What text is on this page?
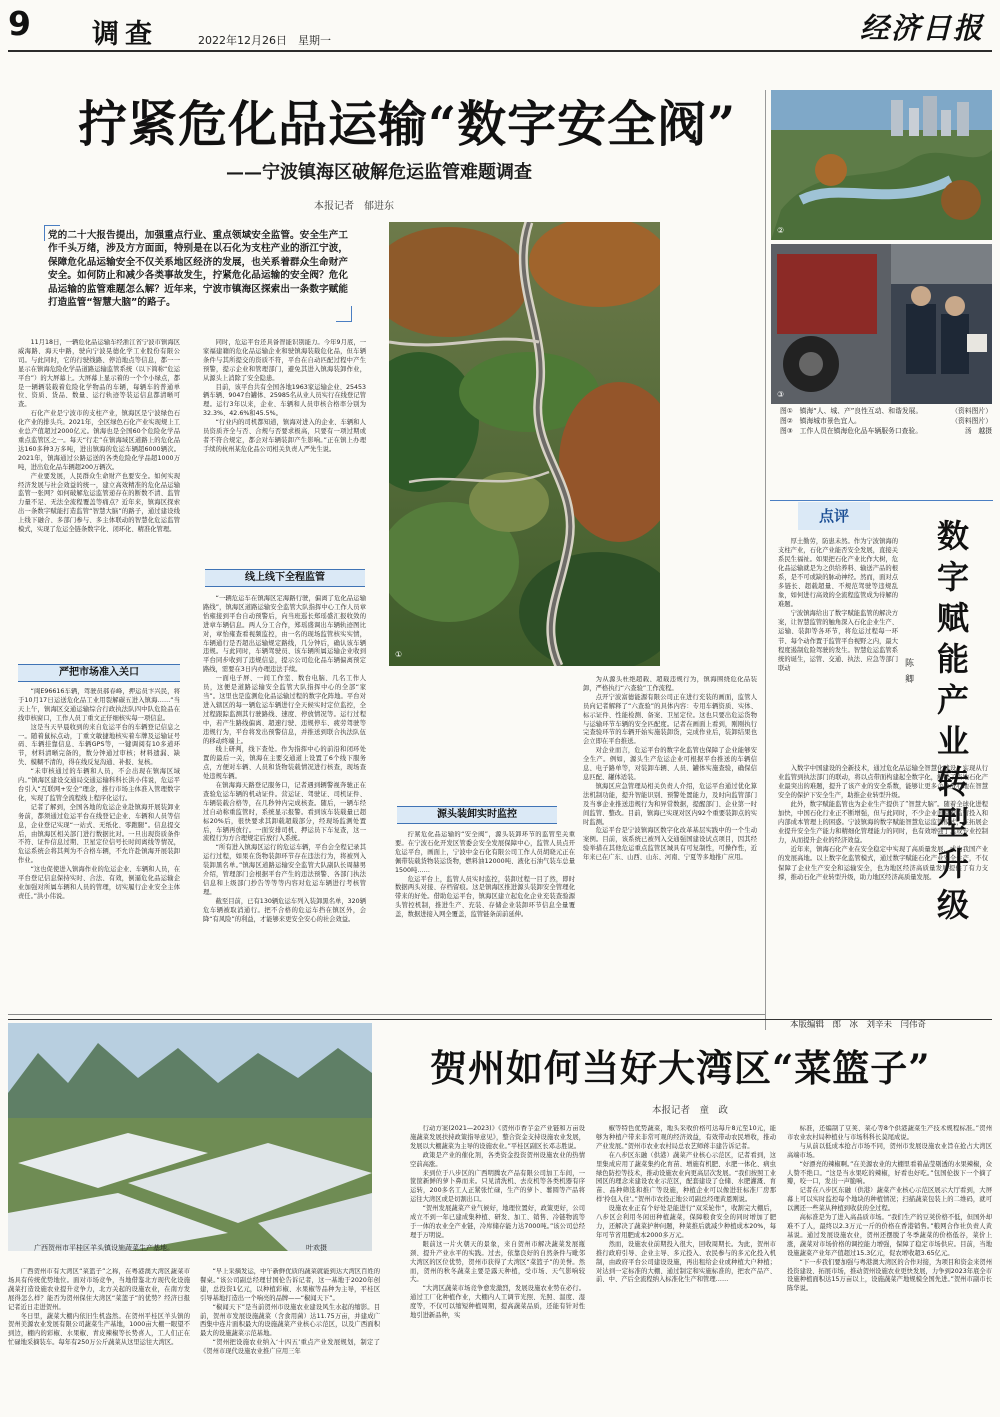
9 调查	2022年12月26日　星期一	经济日报
拧紧危化品运输“数字安全阀”
——宁波镇海区破解危运监管难题调查
本报记者　郁进东
党的二十大报告提出，加强重点行业、重点领域安全监管。安全生产工作千头万绪，涉及方方面面，特别是在以石化为支柱产业的浙江宁波，保障危化品运输安全不仅关系地区经济的发展，也关系着群众生命财产安全。如何防止和减少各类事故发生，拧紧危化品运输的安全阀？危化品运输的监管难题怎么解？近年来，宁波市镇海区探索出一条数字赋能打造监管“智慧大脑”的路子。

11月18日，一辆危化品运输车经浙江省宁波市镇海区威海路、海天中路，驶向宁波晃德化学工业股份有限公司。与此同时，它的行驶线路、停泊地点等信息，都一一显示在镇海危险化学品道路运输监管系统（以下简称“危运平台”）的大屏幕上。大屏幕上显示着的一个个小绿点，都是一辆辆装载着危险化学物品的车辆，每辆车的普通单位、资质、货品、数量、运行轨迹等装运信息都清晰可查。

石化产业是宁波市的支柱产业，镇海区是宁波绿色石化产业的排头兵。2021年，全区绿色石化产业实现规上工业总产值超过2000亿元。镇海也是全国60个危险化学品重点监管区之一。每天“行走”在镇海域区道路上的危化品达160多种3万多吨，进出镇海的危运车辆超6000辆次。2021年，镇海通过公路运送的各类危险化学品超1000万吨，进出危化品车辆超200万辆次。

产业要发展，人民群众生命财产也要安全。如何实现经济发展与社会效益的统一，建立高效精准的危化品运输监管一张网？如何破解危运监管递存在的断数不清、监管力量不足、无法全流程覆盖等痛点？近年来，镇海区探索出一条数字赋能打造监管“智慧大脑”的路子，通过建设线上线下融合、多部门参与、多主体联动的智慧化危运监管模式，实现了危运全链条数字化、闭环化、精准化管理。

严把市场准入关口

“闽E96616车辆，驾驶员郝春峰，押运员卞兴民，将于10月17日运送危化品工业用裂解碳五进入镇海……”当天上午，镇海区交通运输综合行政执法队四中队危险品在线审核窗口，工作人员丁重文正仔细核实每一项信息。

这是当天早晨收到的来自危运平台的车辆登记信息之一。随着鼠标点动，丁重文敏捷地核实着车牌及运输证号码、车辆挂靠信息、车辆GPS等，一键调阅有10多道环节，材料清晰完备的，数分钟通过审核；材料遗漏、缺失、模糊不清的，得在线反复沟通、补报、复核。

“未审核通过的车辆和人员，不会出现在镇海区域内。”镇海区建设交通局交通运输科科长洪小伟说，危运平台引入“互联网+安全”理念，推行市场主体准入管理数字化，实现了监管全流程线上程序化运行。

记者了解到，全国各地的危运企业赴镇海开展装卸业务前，都须通过危运平台在线登记企业、车辆和人员等信息，企业登记实现“一站式、无纸化、零跑腿”。信息提交后，由镇海区相关部门进行数据比对。一旦出现资质条件不符、证件信息过期、卫星定位信号长时间离线等情况，危运系统会将其判为不合格车辆，不允许赴镇海开展装卸作业。

“这也促使进入镇海作业的危运企业、车辆和人员，在平台登记信息保持实时、合法、有效，倒逼危化品运输企业加强对所属车辆和人员的管理，切实履行企业安全主体责任。”洪小伟说。

同时，危运平台还具备智能识别能力。今年9月底，一家福建籍的危化品运输企业和驶镇海装载危化品，但车辆条件与其所提交的资质不符，平台在自动匹配过程中产生预警，提示企业和管理部门，避免其进入镇海装卸作业，从源头上消除了安全隐患。

目前，该平台共有全国各地1963家运输企业、25453辆车辆、9047台罐体、25985名从业人员实行在线登记管理。运行3年以来，企业、车辆和人员审核合格率分别为32.3%、42.6%和45.5%。

“行业内的司机都知道，镇海对进入的企业、车辆和人员资质齐全与否、合规与否要求极高，只要有一项过期或者不符合规定，都会对车辆装卸产生影响。”正在镇上办理手续的杭州某危化品公司相关负责人严先生说。

线上线下全程监管

“一辆危运车在镇海区定海路行驶，偏离了危化品运输路线”，镇海区道路运输安全监管大队指挥中心工作人员章怡雍接到平台自动预警后，向当班巡长郑瑶盛汇报收敛的进章车辆信息。两人分工合作，郑瑶盛调出车辆轨迹图比对，章怡雍查看视频监控，由一名的现场监管核实实情，车辆通行是否超出运输规定路线，几分钟后，确认该车辆违规。与此同时，车辆驾驶员、该车辆所属运输企业收到平台同步收到了违规信息，提示公司危化品车辆偏离预定路线，需要在3日内办理违法手续。

一面电子屏、一间工作室、数台电脑、几名工作人员，这便是道路运输安全监管大队指挥中心的全部“家当”。这里也是监测危化品运输过程的数字化阵地。平台对进入辖区的每一辆危运车辆进行全天候实时定位监控，全过程跟踪监测其行驶路线、速度、停放情况等。运行过程中，若产生路线偏离、超速行驶、违规停车、疲劳驾驶等违规行为，平台将发出预警信息，并推送到联合执法队伍的移动终端上。

线上研判，线下查处。作为指挥中心的前沿和闭环处置的最后一关，镇海在主要交通道上设置了6个线下服务点，方便对车辆、人员和货物装载情况进行核查，现场查处违规车辆。

在镇海海天路登记服务口，记者遇到辆警视奔驰正在查验危运车辆的机动证件。营运证、驾驶证、司机证件、车辆装载合格等，在几秒钟内完成核查。随后，一辆车经过自动称重监管时，系统显示报警。看到该车装载量已超标20%后，很快要求其卸载超载部分，经现场监测处置后，车辆再放行。一面安排司机、押运员下车复查，这一流程行为方合理规定后放行入系统。

“所有进入镇海区运行的危运车辆，平台会全程记录其运行过程，如果在货物装卸环节存在违法行为，将被列入装卸黑名单。”镇海区道路运输安全监管大队副队长周赫男介绍，管理部门会根据平台产生的违法预警、各部门执法信息和上级部门抄告等等等内容对危运车辆进行考核管理。

截至目前，已有130辆危运车列入装卸黑名单，320辆危车辆被取消通行。把不合格的危运车挡在镇区外，会降“有风险”的利益，才能够来更安全安心的社会效益。

①
源头装卸实时监控

拧紧危化品运输的“安全阀”，源头装卸环节的监管至关重要。在宁波石化开发区管委会安全发展保障中心，监管人员点开危运平台，画面上，宁波中金石化有限公司工作人员胡晓元正在佩带装载货物装运货物，燃料油12000吨、液化石油气装车总量1500吨……

危运平台上，监管人员实时监控，装卸过程一目了然，即时数据两头对接、存档留痕。这是镇海区推进源头装卸安全管理化带来的好处。借助危运平台，镇海区建立起危化企业充装查验源头管控机制，推进生产、充装、存储企业装卸环节信息全量覆盖，数据进接入网全覆盖，监管链条前前延伸。

为从源头杜绝超载、超载违规行为，镇海围绕危化品装卸，严格执行“六查验”工作流程。

点开宁波富德能源有限公司正在进行充装的画面，监管人员向记者解释了“六查验”的具体内容：专用车辆资质、实体、标示证件、性能检测、备案、卫星定位。这也只要出危运货物与运输环节车辆的安全匹配度。记者在画面上看到，刚刚执行完查验环节的车辆开始实施装卸货，完成作业后，装卸结果也会立即在平台推送。

对企业而言，危运平台的数字化监管也保障了企业能够安全生产。例如，源头生产危运企业可根据平台推送的车辆信息、电子路单等，对装卸车辆、人员、罐体实施查验，确保信息匹配、罐体适装。

镇海区应急管理局相关负责人介绍，危运平台通过优化算法机制功能，提升智能识别、预警处置能力，及时向监管部门及当事企业推送违规行为和异常数据，提醒部门、企业第一时间监管、整改。目前，镇海已实现对区内92个重要装卸点的实时监测。

危运平台是宁波镇海区数字化改革基层实践中的一个生动案例。目前，该系统已被列入交通强国建设试点项目，因其经验举措在其他危运重点监管区城具有可复制性，可操作性，近年来已在广东、山西、山东、河南、宁夏等多地推广应用。

②
③
图①　镇海“人、城、产”良性互动、和谐发展。	（资料图片）
图②　镇海城市景色宜人。	（资料图片）
图③　工作人员在镇海危化品车辆服务口查验。	汤　越摄
点评
数字赋能产业转型升级
陈　卿

厚土勤劳，防患未然。作为宁波镇海的支柱产业，石化产业能否安全发展，直接关系民生福祉。如果把石化产业比作大树，危化品运输就是为之供给养料、输送产品的根系，是不可或缺的脉动神经。然而，面对点多链长、超载超量、不规范驾驶等违规乱象，如何进行高效的全流程监管成为待解的难题。

宁波镇海给出了数字赋能监管的解决方案，让智慧监管的触角深入石化企业生产、运输、装卸等各环节，将危运过程每一环节、每个动作置于监管平台视野之内，最大程度遏制危险驾驶的发生。智慧危运监管系统的诞生，运管、交通、执法、应急等部门联动

入数字中国建设的全新技术，通过危化品运输全智慧化建设，实现从行业监管到执法部门的联动，将以点带面构建起全数字化，解决了当地石化产业最突出的难题，提升了该产业的安全系数，能够让更多企业放心地在智慧安全的保护下安全生产，助推企业转型升级。

此外，数字赋能监管也为企业生产提供了“智慧大脑”。随着全球化进程加快，中国石化行业正不断增强，但与此同时，不少企业面临着监管投入和内部成本管理上的困惑。宁波镇海的数字赋能智慧危运监管模式，在拓展企业提升安全生产能力和精细化管理能力的同时，也有效增强了其或专业控制力，从而提升企业的经济效益。

近年来，镇海石化产业在安全稳定中实现了高质量发展，成为我国产业的发展高地。以上数字化监管模式，通过数字赋能石化产业安全生产，不仅保障了企业生产安全和运输安全，也为地区经济高质量发展提供了有力支撑，推动石化产业转型升级，助力地区经济高质量发展。

本版编辑　郎　冰　刘辛未　闫伟奇
广西贺州市平桂区羊头镇设施蔬菜生产基地。	叶欢摄
贺州如何当好大湾区“菜篮子”
本报记者　童　政

广西贺州市有大湾区“菜篮子”之称，在粤港澳大湾区蔬菜市场具有传统优势地位。面对市场竞争，当地借鉴北方现代化设施蔬菜打造设施农业提升竞争力，北方关起的设施农业，在南方发展得怎么样？能否为贺州保住大湾区“菜篮子”的优势？经济日报记者近日走进贺州。

冬日里，蔬菜大棚内依旧生机盎然。在贺州平桂区羊头镇的贺州美源农业发展有限公司蔬菜生产基地，1000亩大棚一眼望不到边，棚内的彩椒、水果椒、青皮辣椒等长势喜人，工人们正在忙碌地采摘装车。每年有250万公斤蔬菜从这里运往大湾区。

“早上采摘发运，中午新鲜优质的蔬菜就能到达大湾区百姓的餐桌。”该公司副总经理甘国伦告诉记者，这一基地于2020年创建，总投资1亿元，以种植彩椒、水果椒等品种为主导，平桂区引导基地打造出一个响亮的品牌——“椒闻天下”。

“椒闻天下”是当前贺州市设施农业建设风生水起的缩影。目前，贺州市发展设施蔬菜（含食用菌）达11.75万亩，并建成广西集中连片面积最大的设施蔬菜产业核心示范区，以及广西面积最大的设施蔬菜示范基地。

“贺州把设施农业纳入‘十四五’重点产业发展规划，制定了《贺州市现代设施农业推广应用三年

行动方案(2021—2023)》《贺州市香芋金产业链和万亩设施蔬菜发展扶持政策指导意见》，整合资金支持设施农业发展，发展以大棚蔬菜为主导的设施农业。”平桂区副区长邓志胜说。

政策是产业的催化剂，各类资金投资贺州设施农业的热情空前高涨。

来到位于八步区的广西明腾农产品有限公司加工车间，一筐筐新鲜的萝卜鼻而来。只见清洗机、去皮机等各类机器有序运转，200多名工人正紧张忙碌，生产的萝卜、薯圆等产品将运往大湾区或是切割出口。

“贺州发展蔬菜产业气候好，地理位置好，政策更好，公司成立不到一年已建成集种植、研发、加工、销售、冷链物流等于一体的农业全产业链，冷库储存能力达7000吨。”该公司总经理于万明说。

眼前这一片火朝天的景象，来自贺州市解决蔬菜发展瓶颈、提升产业水平的实践。过去，依靠良好的自然条件与毗邻大湾区的区位优势，贺州市获得了大湾区“菜篮子”的美誉。然而，贺州的秋冬蔬菜主要是露天种植，受市场、天气影响较大。

“大湾区蔬菜市场竞争愈发激烈，发展设施农业势在必行。通过工厂化种植作业，大棚内人工调节光照、光照、温度、湿度等，不仅可以缩短种植周期，提高蔬菜品质，还能有针对性地引进新品种，实

椒等特色优势蔬菜，地头采收价格可达每斤8元至10元，能够为种植户带来非常可观的经济效益，有效带动农民增收，推动产业发展。”贺州市农业农村局总农艺师蒋丰建告诉记者。

在八步区东融（供港）蔬菜产业核心示范区，记者看到，这里集成应用了蔬菜集约化育苗、增施有机肥、水肥一体化、病虫绿色防控等技术，推动设施农业向更高层次发展。“我们按照工业园区的理念来建设农业示范区，配套建设了仓储、水肥灌溉、育苗、品种筛选和推广等设施，种植企业可以像进驻标准厂房那样‘拎包入住’。”贺州市农投正地公司副总经理黄恩刚说。

设施农业正有个好处是能进行“双采轮作”，收割完大棚后，八步区会利用冬闲田种植蔬菜，保障粮食安全的同时增加了肥力，还解决了蔬菜护种问题，种菜推后就减少种植成本20%，每年可节省用肥成本2000多万元。

然而，设施农业前期投入很大，回收周期长。为此，贺州市推行政府引导、企业主导、多元投入、农民参与的多元化投入机制，由政府平台公司建设设施，再出租给企业或种植大户种植；对达到一定标准的大棚、通过制定和实施标准的，把农产品产、前、中、产后全流程纳入标准化生产和管理……

标准，还编制了豆荚、菜心等8个供港蔬菜生产技术规程标准。”贺州市农业农村局种植业与市场科科长莫尾成说。

与从前以低成本抢占市场不同，贺州市发展设施农业旨在抢占大湾区高端市场。

“好漂亮的辣椒啊。”在美源农业的大棚里看着晶莹剔透的水果辣椒，众人赞不绝口。“这是当水果吃的辣椒，好看也好吃。”包国伦拔下一个摘了瓣，咬一口，发出一声脆响。

记者在八步区东融（供港）蔬菜产业核心示范区展示大厅看到，大屏幕上可以实时监控每个地块的种植情况；扫描蔬菜包装上的二维码，就可以溯还一些菜从种植到收获的全过程。

高标准是为了进入高品质市场。“我们生产的豆荚价格不低，但国外却难不了人，最终以2.3万元一斤的价格在香港销售。”粮网合作社负责人黄基说。通过发展设施农业，贺州还摆脱了冬季蔬菜的价格低谷，菜价上涨，蔬菜对市场价格的调控能力增强，保障了稳定市场供应。目前，当地设施蔬菜产业年产值超过15.3亿元，促农增收超3.65亿元。

“下一步我们要加强与粤港澳大湾区的合作对接，为项目和资金来贺州投资建设、拓展市场，推动贺州设施农业更快发展，力争到2023年底全市设施种植面积达15万亩以上，设施蔬菜产地规模全国先进。”贺州市副市长陈华说。
